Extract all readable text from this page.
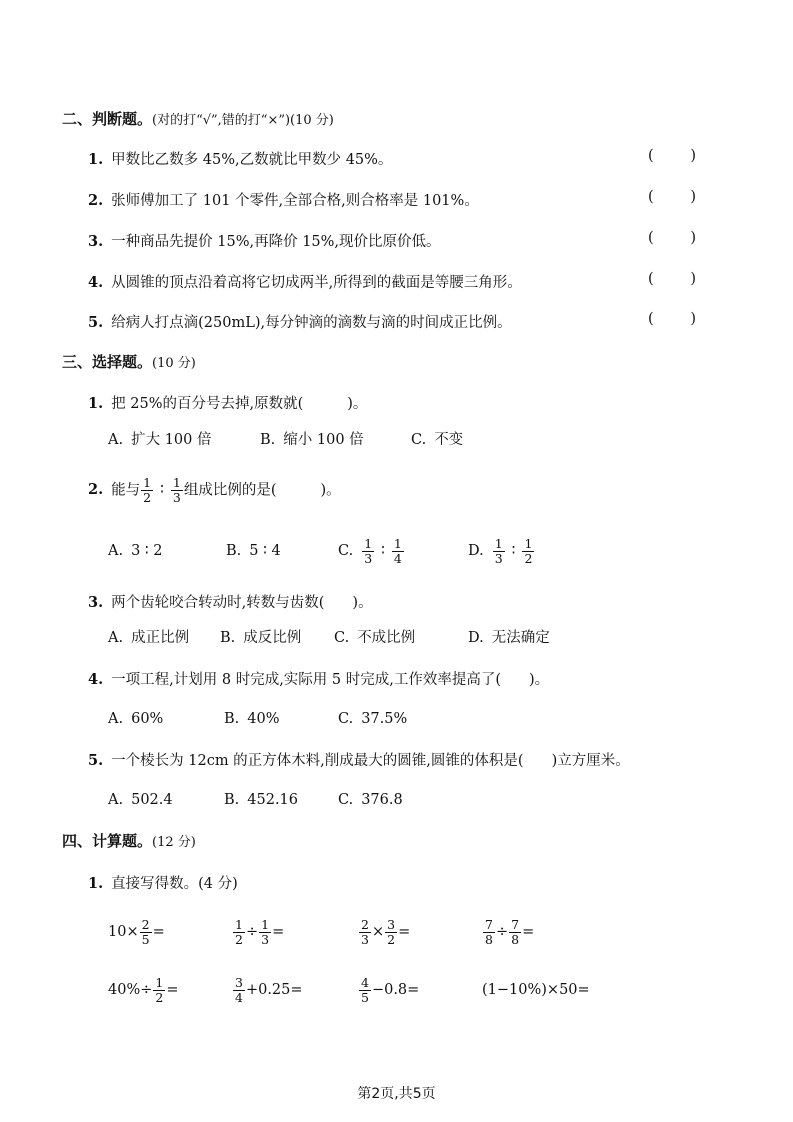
二、判断题。(对的打“√”,错的打“×”)(10 分)
1. 甲数比乙数多 45%,乙数就比甲数少 45%。	(	)
2. 张师傅加工了 101 个零件,全部合格,则合格率是 101%。	(	)
3. 一种商品先提价 15%,再降价 15%,现价比原价低。	(	)
4. 从圆锥的顶点沿着高将它切成两半,所得到的截面是等腰三角形。	(	)
5. 给病人打点滴(250mL),每分钟滴的滴数与滴的时间成正比例。	(	)
三、选择题。(10 分)
1. 把 25%的百分号去掉,原数就(	)。
A. 扩大 100 倍	B. 缩小 100 倍	C. 不变
2. 能与 $\frac{1}{2}$ ∶ $\frac{1}{3}$ 组成比例的是(	)。
A. 3 ∶ 2	B. 5 ∶ 4	C. $\frac{1}{3}$ ∶ $\frac{1}{4}$	D. $\frac{1}{3}$ ∶ $\frac{1}{2}$
3. 两个齿轮咬合转动时,转数与齿数( )。
A. 成正比例 B. 成反比例 C. 不成比例	D. 无法确定
4. 一项工程,计划用 8 时完成,实际用 5 时完成,工作效率提高了( )。
A. 60%	B. 40%	C. 37.5%
5. 一个棱长为 12cm 的正方体木料,削成最大的圆锥,圆锥的体积是( )立方厘米。
A. 502.4	B. 452.16	C. 376.8
四、计算题。(12 分)
1. 直接写得数。(4 分)
$10\times \frac{2}{5}$ =	$\frac{1}{2} \div \frac{1}{3}$ =	$\frac{2}{3} \times \frac{3}{2}$ =	$\frac{7}{8} \div \frac{7}{8}$ =
$40\%\div \frac{1}{2}$ =	$\frac{3}{4} +0.25=$	$\frac{4}{5} -0.8=$	(1−10%)×50=
第2页,共5页
